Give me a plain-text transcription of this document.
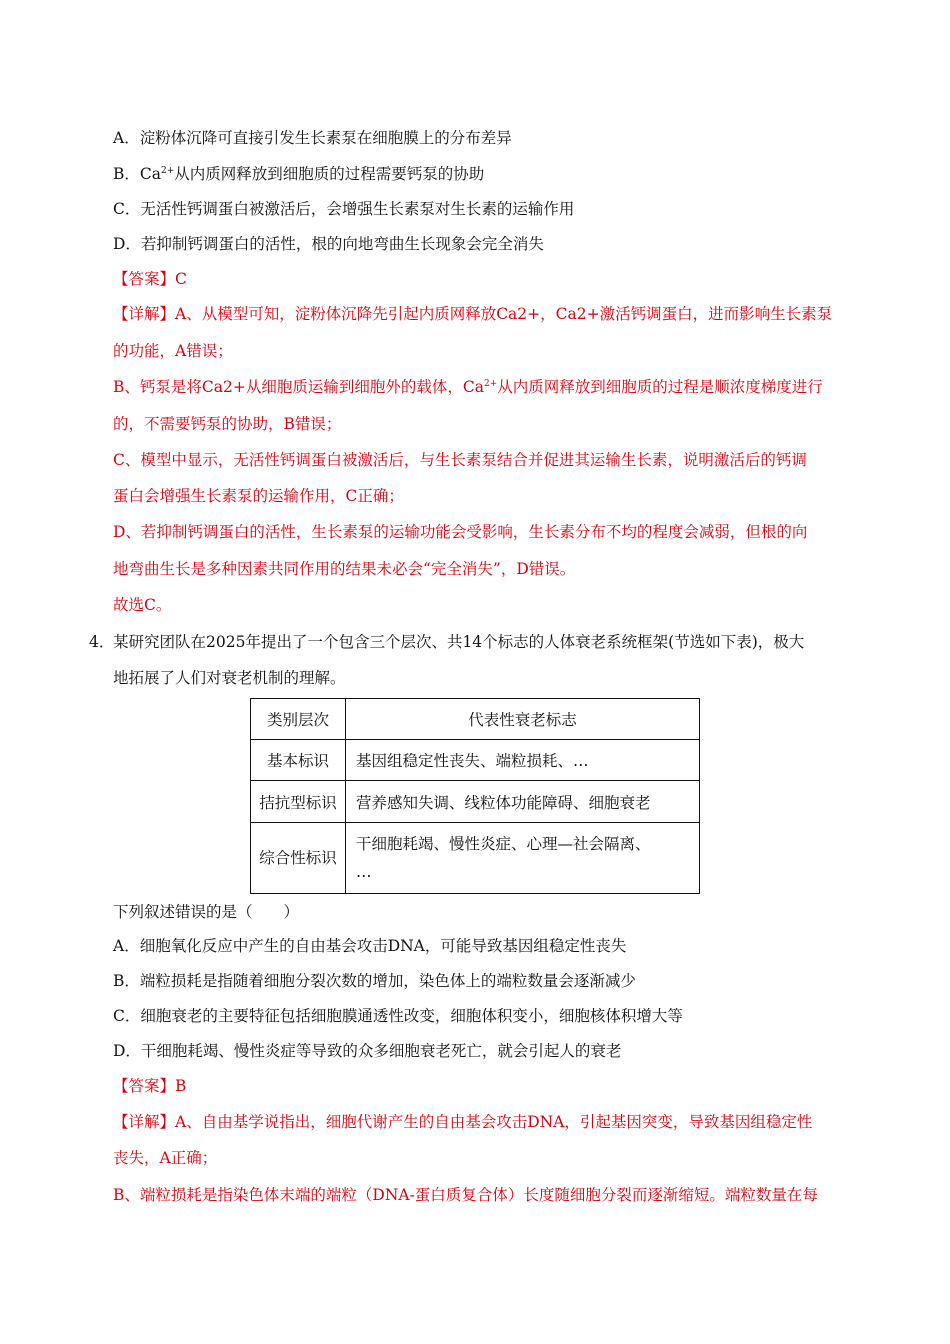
A．淀粉体沉降可直接引发生长素泵在细胞膜上的分布差异
B．$Ca^{2+}$从内质网释放到细胞质的过程需要钙泵的协助
C．无活性钙调蛋白被激活后，会增强生长素泵对生长素的运输作用
D．若抑制钙调蛋白的活性，根的向地弯曲生长现象会完全消失
【答案】C
【详解】A、从模型可知，淀粉体沉降先引起内质网释放Ca2+，Ca2+激活钙调蛋白，进而影响生长素泵
的功能，A错误；
B、钙泵是将Ca2+从细胞质运输到细胞外的载体，$Ca^{2+}$从内质网释放到细胞质的过程是顺浓度梯度进行
的，不需要钙泵的协助，B错误；
C、模型中显示，无活性钙调蛋白被激活后，与生长素泵结合并促进其运输生长素，说明激活后的钙调
蛋白会增强生长素泵的运输作用，C正确；
D、若抑制钙调蛋白的活性，生长素泵的运输功能会受影响，生长素分布不均的程度会减弱，但根的向
地弯曲生长是多种因素共同作用的结果未必会“完全消失”，D错误。
故选C。
4．
某研究团队在2025年提出了一个包含三个层次、共14个标志的人体衰老系统框架(节选如下表)，极大
地拓展了人们对衰老机制的理解。
类别层次	代表性衰老标志
基本标识	基因组稳定性丧失、端粒损耗、…
拮抗型标识	营养感知失调、线粒体功能障碍、细胞衰老
综合性标识	干细胞耗竭、慢性炎症、心理—社会隔离、
…
下列叙述错误的是（　　）
A．细胞氧化反应中产生的自由基会攻击DNA，可能导致基因组稳定性丧失
B．端粒损耗是指随着细胞分裂次数的增加，染色体上的端粒数量会逐渐减少
C．细胞衰老的主要特征包括细胞膜通透性改变，细胞体积变小，细胞核体积增大等
D．干细胞耗竭、慢性炎症等导致的众多细胞衰老死亡，就会引起人的衰老
【答案】B
【详解】A、自由基学说指出，细胞代谢产生的自由基会攻击DNA，引起基因突变，导致基因组稳定性
丧失，A正确；
B、端粒损耗是指染色体末端的端粒（DNA-蛋白质复合体）长度随细胞分裂而逐渐缩短。端粒数量在每
